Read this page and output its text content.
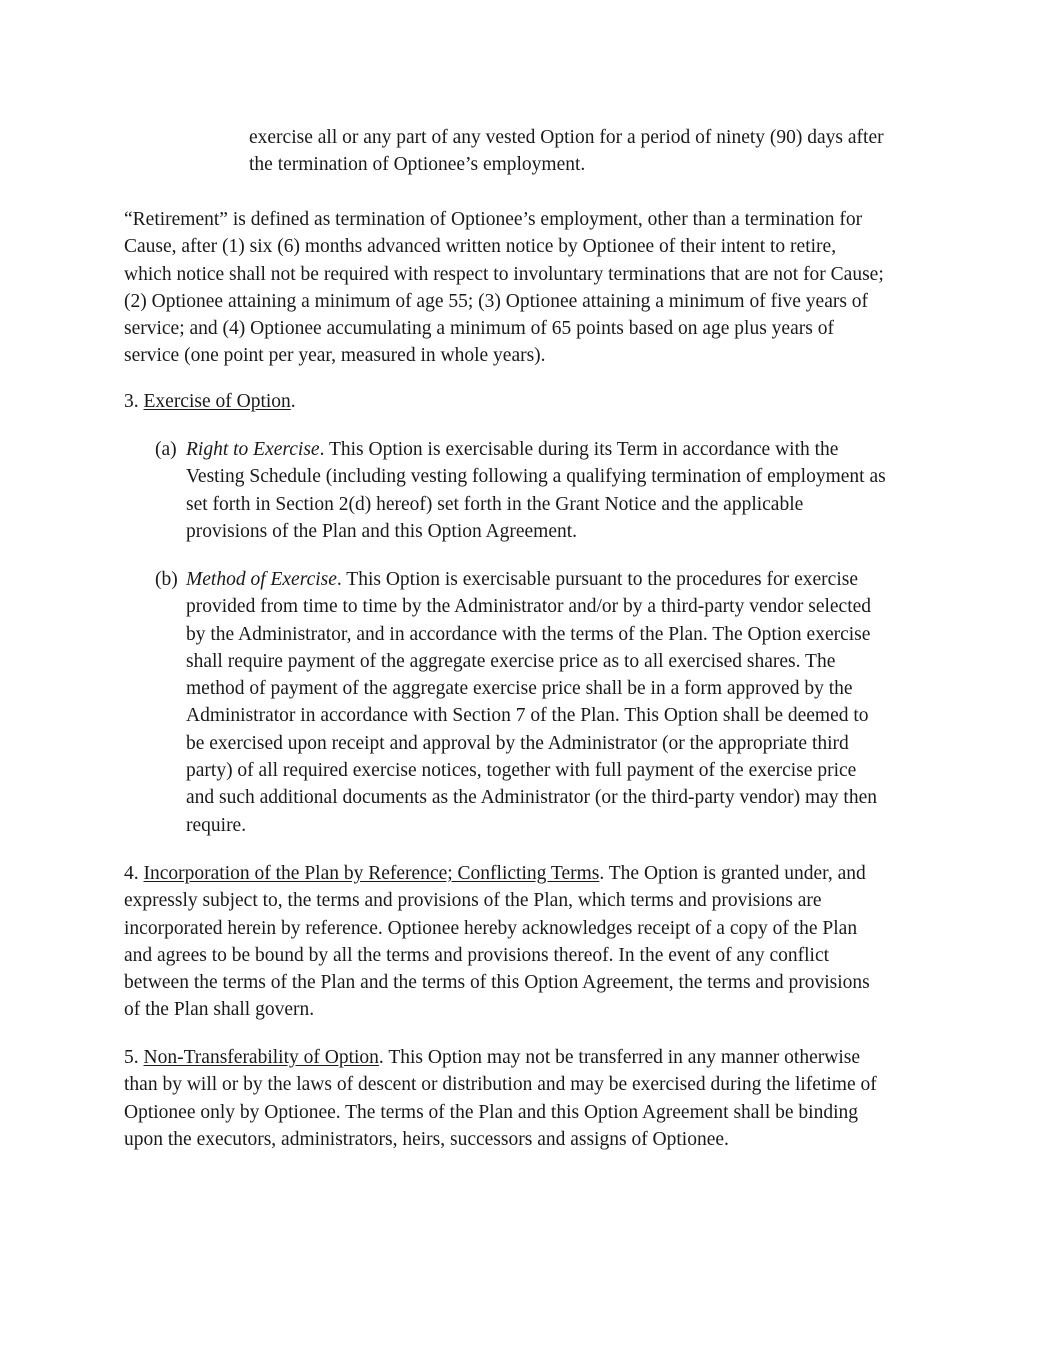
exercise all or any part of any vested Option for a period of ninety (90) days after
the termination of Optionee’s employment.
“Retirement” is defined as termination of Optionee’s employment, other than a termination for
Cause, after (1) six (6) months advanced written notice by Optionee of their intent to retire,
which notice shall not be required with respect to involuntary terminations that are not for Cause;
(2) Optionee attaining a minimum of age 55; (3) Optionee attaining a minimum of five years of
service; and (4) Optionee accumulating a minimum of 65 points based on age plus years of
service (one point per year, measured in whole years).
3. Exercise of Option.
(a) Right to Exercise. This Option is exercisable during its Term in accordance with the
Vesting Schedule (including vesting following a qualifying termination of employment as
set forth in Section 2(d) hereof) set forth in the Grant Notice and the applicable
provisions of the Plan and this Option Agreement.
(b) Method of Exercise. This Option is exercisable pursuant to the procedures for exercise
provided from time to time by the Administrator and/or by a third-party vendor selected
by the Administrator, and in accordance with the terms of the Plan. The Option exercise
shall require payment of the aggregate exercise price as to all exercised shares. The
method of payment of the aggregate exercise price shall be in a form approved by the
Administrator in accordance with Section 7 of the Plan. This Option shall be deemed to
be exercised upon receipt and approval by the Administrator (or the appropriate third
party) of all required exercise notices, together with full payment of the exercise price
and such additional documents as the Administrator (or the third-party vendor) may then
require.
4. Incorporation of the Plan by Reference; Conflicting Terms. The Option is granted under, and
expressly subject to, the terms and provisions of the Plan, which terms and provisions are
incorporated herein by reference. Optionee hereby acknowledges receipt of a copy of the Plan
and agrees to be bound by all the terms and provisions thereof. In the event of any conflict
between the terms of the Plan and the terms of this Option Agreement, the terms and provisions
of the Plan shall govern.
5. Non-Transferability of Option. This Option may not be transferred in any manner otherwise
than by will or by the laws of descent or distribution and may be exercised during the lifetime of
Optionee only by Optionee. The terms of the Plan and this Option Agreement shall be binding
upon the executors, administrators, heirs, successors and assigns of Optionee.
